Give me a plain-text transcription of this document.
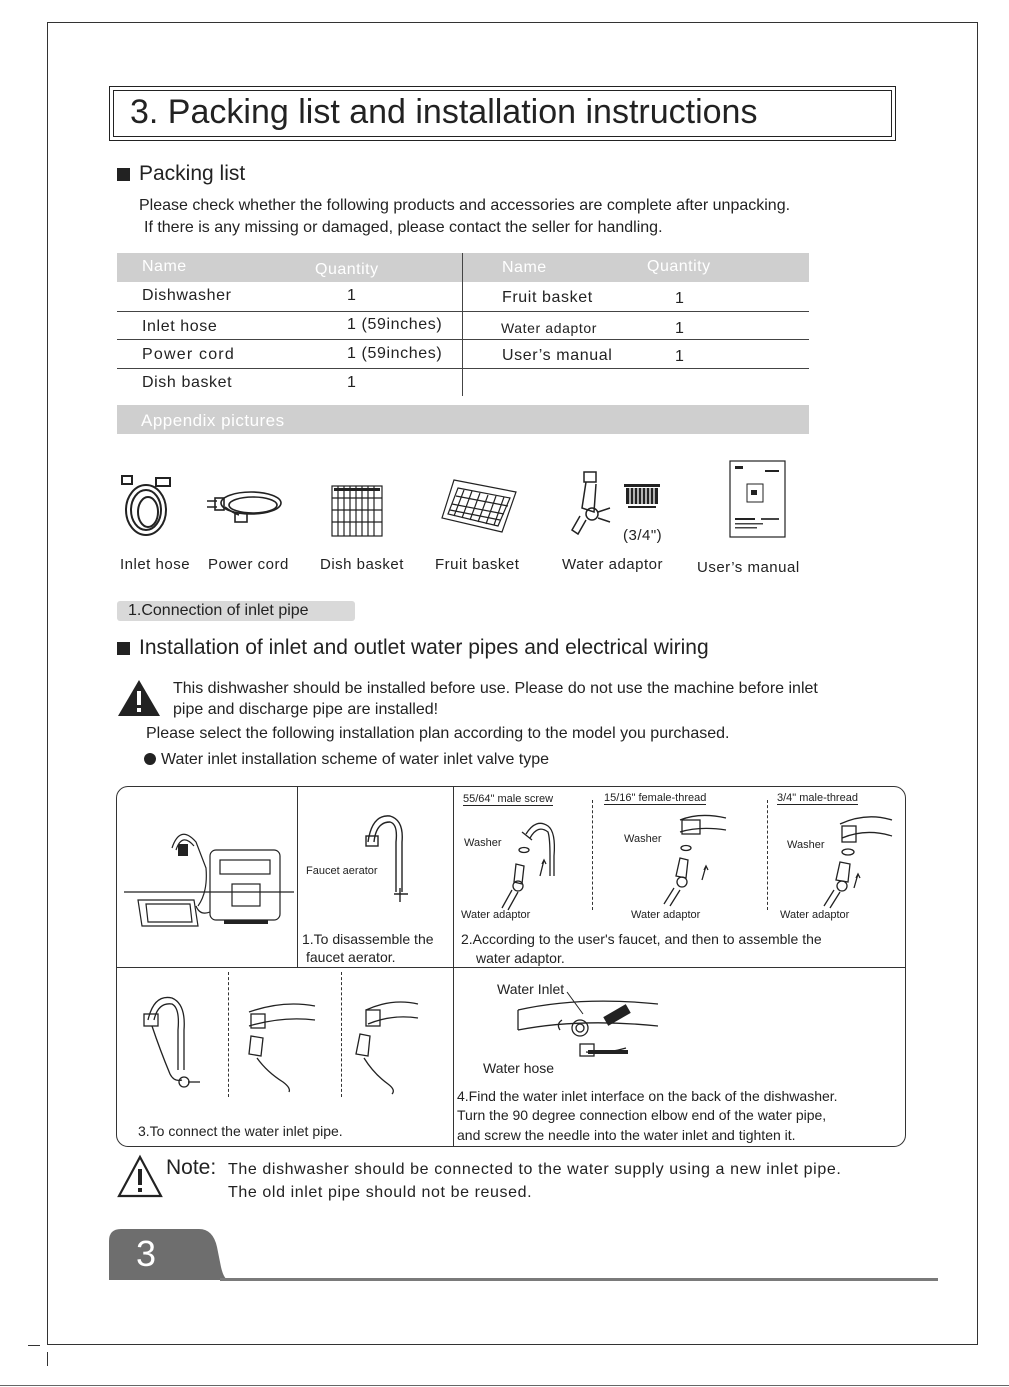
3. Packing list and installation instructions
Packing list
Please check whether the following products and accessories are complete after unpacking.
If there is any missing or damaged, please contact the seller for handling.
Name	Quantity	Name	Quantity
Dishwasher	1	Fruit basket	1
Inlet hose	1 (59inches)	Water adaptor	1
Power cord	1 (59inches)	User’s manual	1
Dish basket	1
Appendix pictures
(3/4")
Inlet hose Power cord Dish basket Fruit basket	Water adaptor User’s manual
1.Connection of inlet pipe
Installation of inlet and outlet water pipes and electrical wiring
This dishwasher should be installed before use. Please do not use the machine before inlet
pipe and discharge pipe are installed!
Please select the following installation plan according to the model you purchased.
Water inlet installation scheme of water inlet valve type
Faucet aerator
1.To disassemble the
faucet aerator.
55/64" male screw	15/16" female-thread	3/4" male-thread
Washer	Washer	Washer
Water adaptor	Water adaptor	Water adaptor
2.According to the user's faucet, and then to assemble the
water adaptor.
3.To connect the water inlet pipe.
Water Inlet
Water hose
4.Find the water inlet interface on the back of the dishwasher.
Turn the 90 degree connection elbow end of the water pipe,
and screw the needle into the water inlet and tighten it.
Note: The dishwasher should be connected to the water supply using a new inlet pipe.
The old inlet pipe should not be reused.
3
